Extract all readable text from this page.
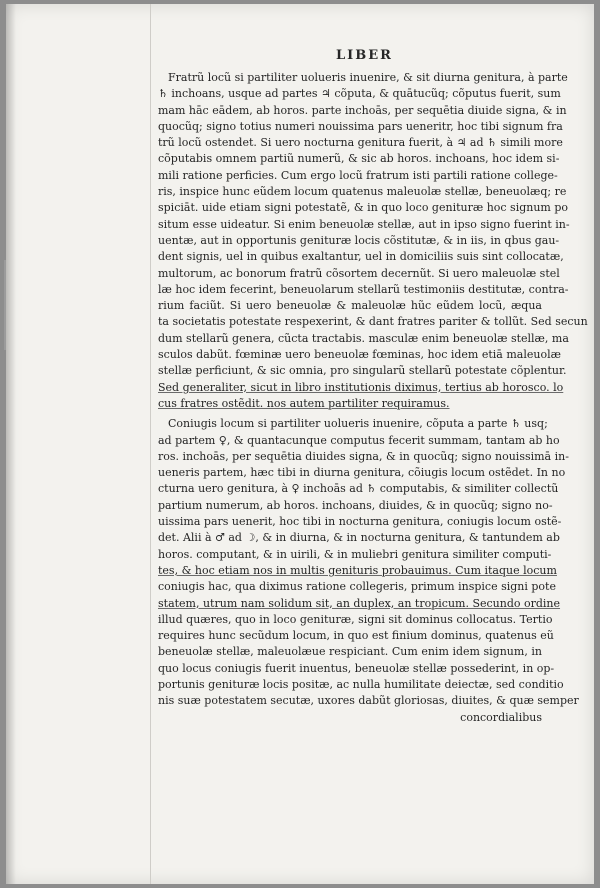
LIBER
Fratrũ locũ si partiliter uolueris inuenire, & sit diurna genitura, à parte
♄ inchoans, usque ad partes ♃ cõputa, & quātucũq; cõputus fuerit, sum
mam hāc eādem, ab horos. parte inchoās, per sequētia diuide signa, & in
quocũq; signo totius numeri nouissima pars ueneritr, hoc tibi signum fra
trũ locũ ostendet. Si uero nocturna genitura fuerit, à ♃ ad ♄ simili more
cõputabis omnem partiũ numerũ, & sic ab horos. inchoans, hoc idem si-
mili ratione perficies. Cum ergo locũ fratrum isti partili ratione college-
ris, inspice hunc eũdem locum quatenus maleuolæ stellæ, beneuolæq; re
spiciāt. uide etiam signi potestatẽ, & in quo loco genituræ hoc signum po
situm esse uideatur. Si enim beneuolæ stellæ, aut in ipso signo fuerint in-
uentæ, aut in opportunis genituræ locis cõstitutæ, & in iis, in qbus gau-
dent signis, uel in quibus exaltantur, uel in domiciliis suis sint collocatæ,
multorum, ac bonorum fratrũ cõsortem decernũt. Si uero maleuolæ stel
læ hoc idem fecerint, beneuolarum stellarũ testimoniis destitutæ, contra-
rium faciũt. Si uero beneuolæ & maleuolæ hũc eũdem locũ, æqua
ta societatis potestate respexerint, & dant fratres pariter & tollũt. Sed secun
dum stellarũ genera, cũcta tractabis. masculæ enim beneuolæ stellæ, ma
sculos dabũt. fœminæ uero beneuolæ fœminas, hoc idem etiā maleuolæ
stellæ perficiunt, & sic omnia, pro singularũ stellarũ potestate cõplentur.
Sed generaliter, sicut in libro institutionis diximus, tertius ab horosco. lo
cus fratres ostẽdit. nos autem partiliter requiramus.
Coniugis locum si partiliter uolueris inuenire, cõputa a parte ♄ usq;
ad partem ♀, & quantacunque computus fecerit summam, tantam ab ho
ros. inchoās, per sequētia diuides signa, & in quocũq; signo nouissimā in-
ueneris partem, hæc tibi in diurna genitura, cõiugis locum ostẽdet. In no
cturna uero genitura, à ♀ inchoās ad ♄ computabis, & similiter collectũ
partium numerum, ab horos. inchoans, diuides, & in quocũq; signo no-
uissima pars uenerit, hoc tibi in nocturna genitura, coniugis locum ostẽ-
det. Alii à ♂ ad ☽, & in diurna, & in nocturna genitura, & tantundem ab
horos. computant, & in uirili, & in muliebri genitura similiter computi-
tes, & hoc etiam nos in multis genituris probauimus. Cum itaque locum
coniugis hac, qua diximus ratione collegeris, primum inspice signi pote
statem, utrum nam solidum sit, an duplex, an tropicum. Secundo ordine
illud quæres, quo in loco genituræ, signi sit dominus collocatus. Tertio
requires hunc secũdum locum, in quo est finium dominus, quatenus eũ
beneuolæ stellæ, maleuolæue respiciant. Cum enim idem signum, in
quo locus coniugis fuerit inuentus, beneuolæ stellæ possederint, in op-
portunis genituræ locis positæ, ac nulla humilitate deiectæ, sed conditio
nis suæ potestatem secutæ, uxores dabũt gloriosas, diuites, & quæ semper
concordialibus
